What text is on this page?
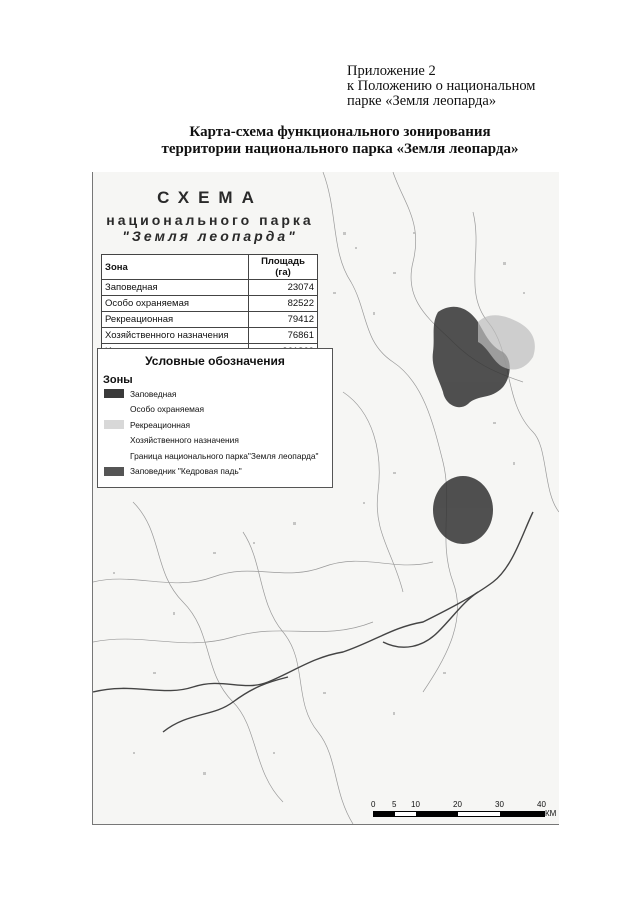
Приложение 2
к Положению о национальном
парке «Земля леопарда»
Карта-схема функционального зонирования
территории национального парка «Земля леопарда»
СХЕМА
национального парка
"Земля леопарда"
Зона	Площадь (га)
Заповедная	23074
Особо охраняемая	82522
Рекреационная	79412
Хозяйственного назначения	76861

Условные обозначения
Зоны
Заповедная
Особо охраняемая
Рекреационная
Хозяйственного назначения
Граница национального парка"Земля леопарда"
Заповедник "Кедровая падь"
0 5 10	20	30	40
КМ
